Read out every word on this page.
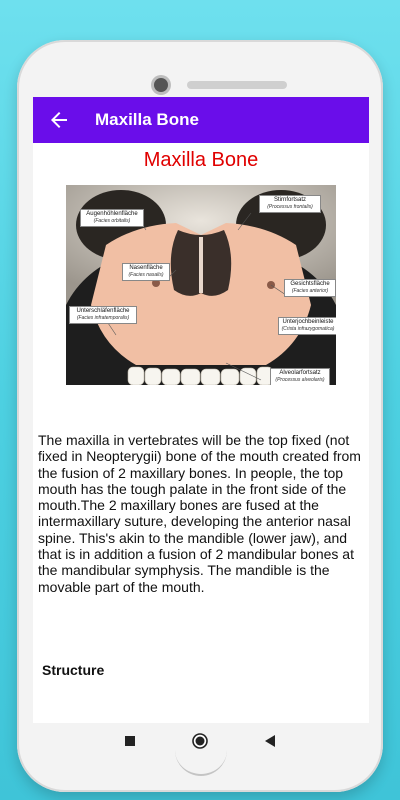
Maxilla Bone
Maxilla Bone
Augenhöhlenfläche
(Facies orbitalis)
Stirnfortsatz
(Processus frontalis)
Nasenfläche
(Facies nasalis)
Gesichtsfläche
(Facies anterior)
Unterschläfenfläche
(Facies infratemporalis)
Unterjochbeinleiste
(Crista infrazygomatica)
Alveolarfortsatz
(Processus alveolaris)
The maxilla in vertebrates will be the top fixed (not fixed in Neopterygii) bone of the mouth created from the fusion of 2 maxillary bones. In people, the top mouth has the tough palate in the front side of the mouth.The 2 maxillary bones are fused at the intermaxillary suture, developing the anterior nasal spine. This's akin to the mandible (lower jaw), and that is in addition a fusion of 2 mandibular bones at the mandibular symphysis. The mandible is the movable part of the mouth.
Structure
